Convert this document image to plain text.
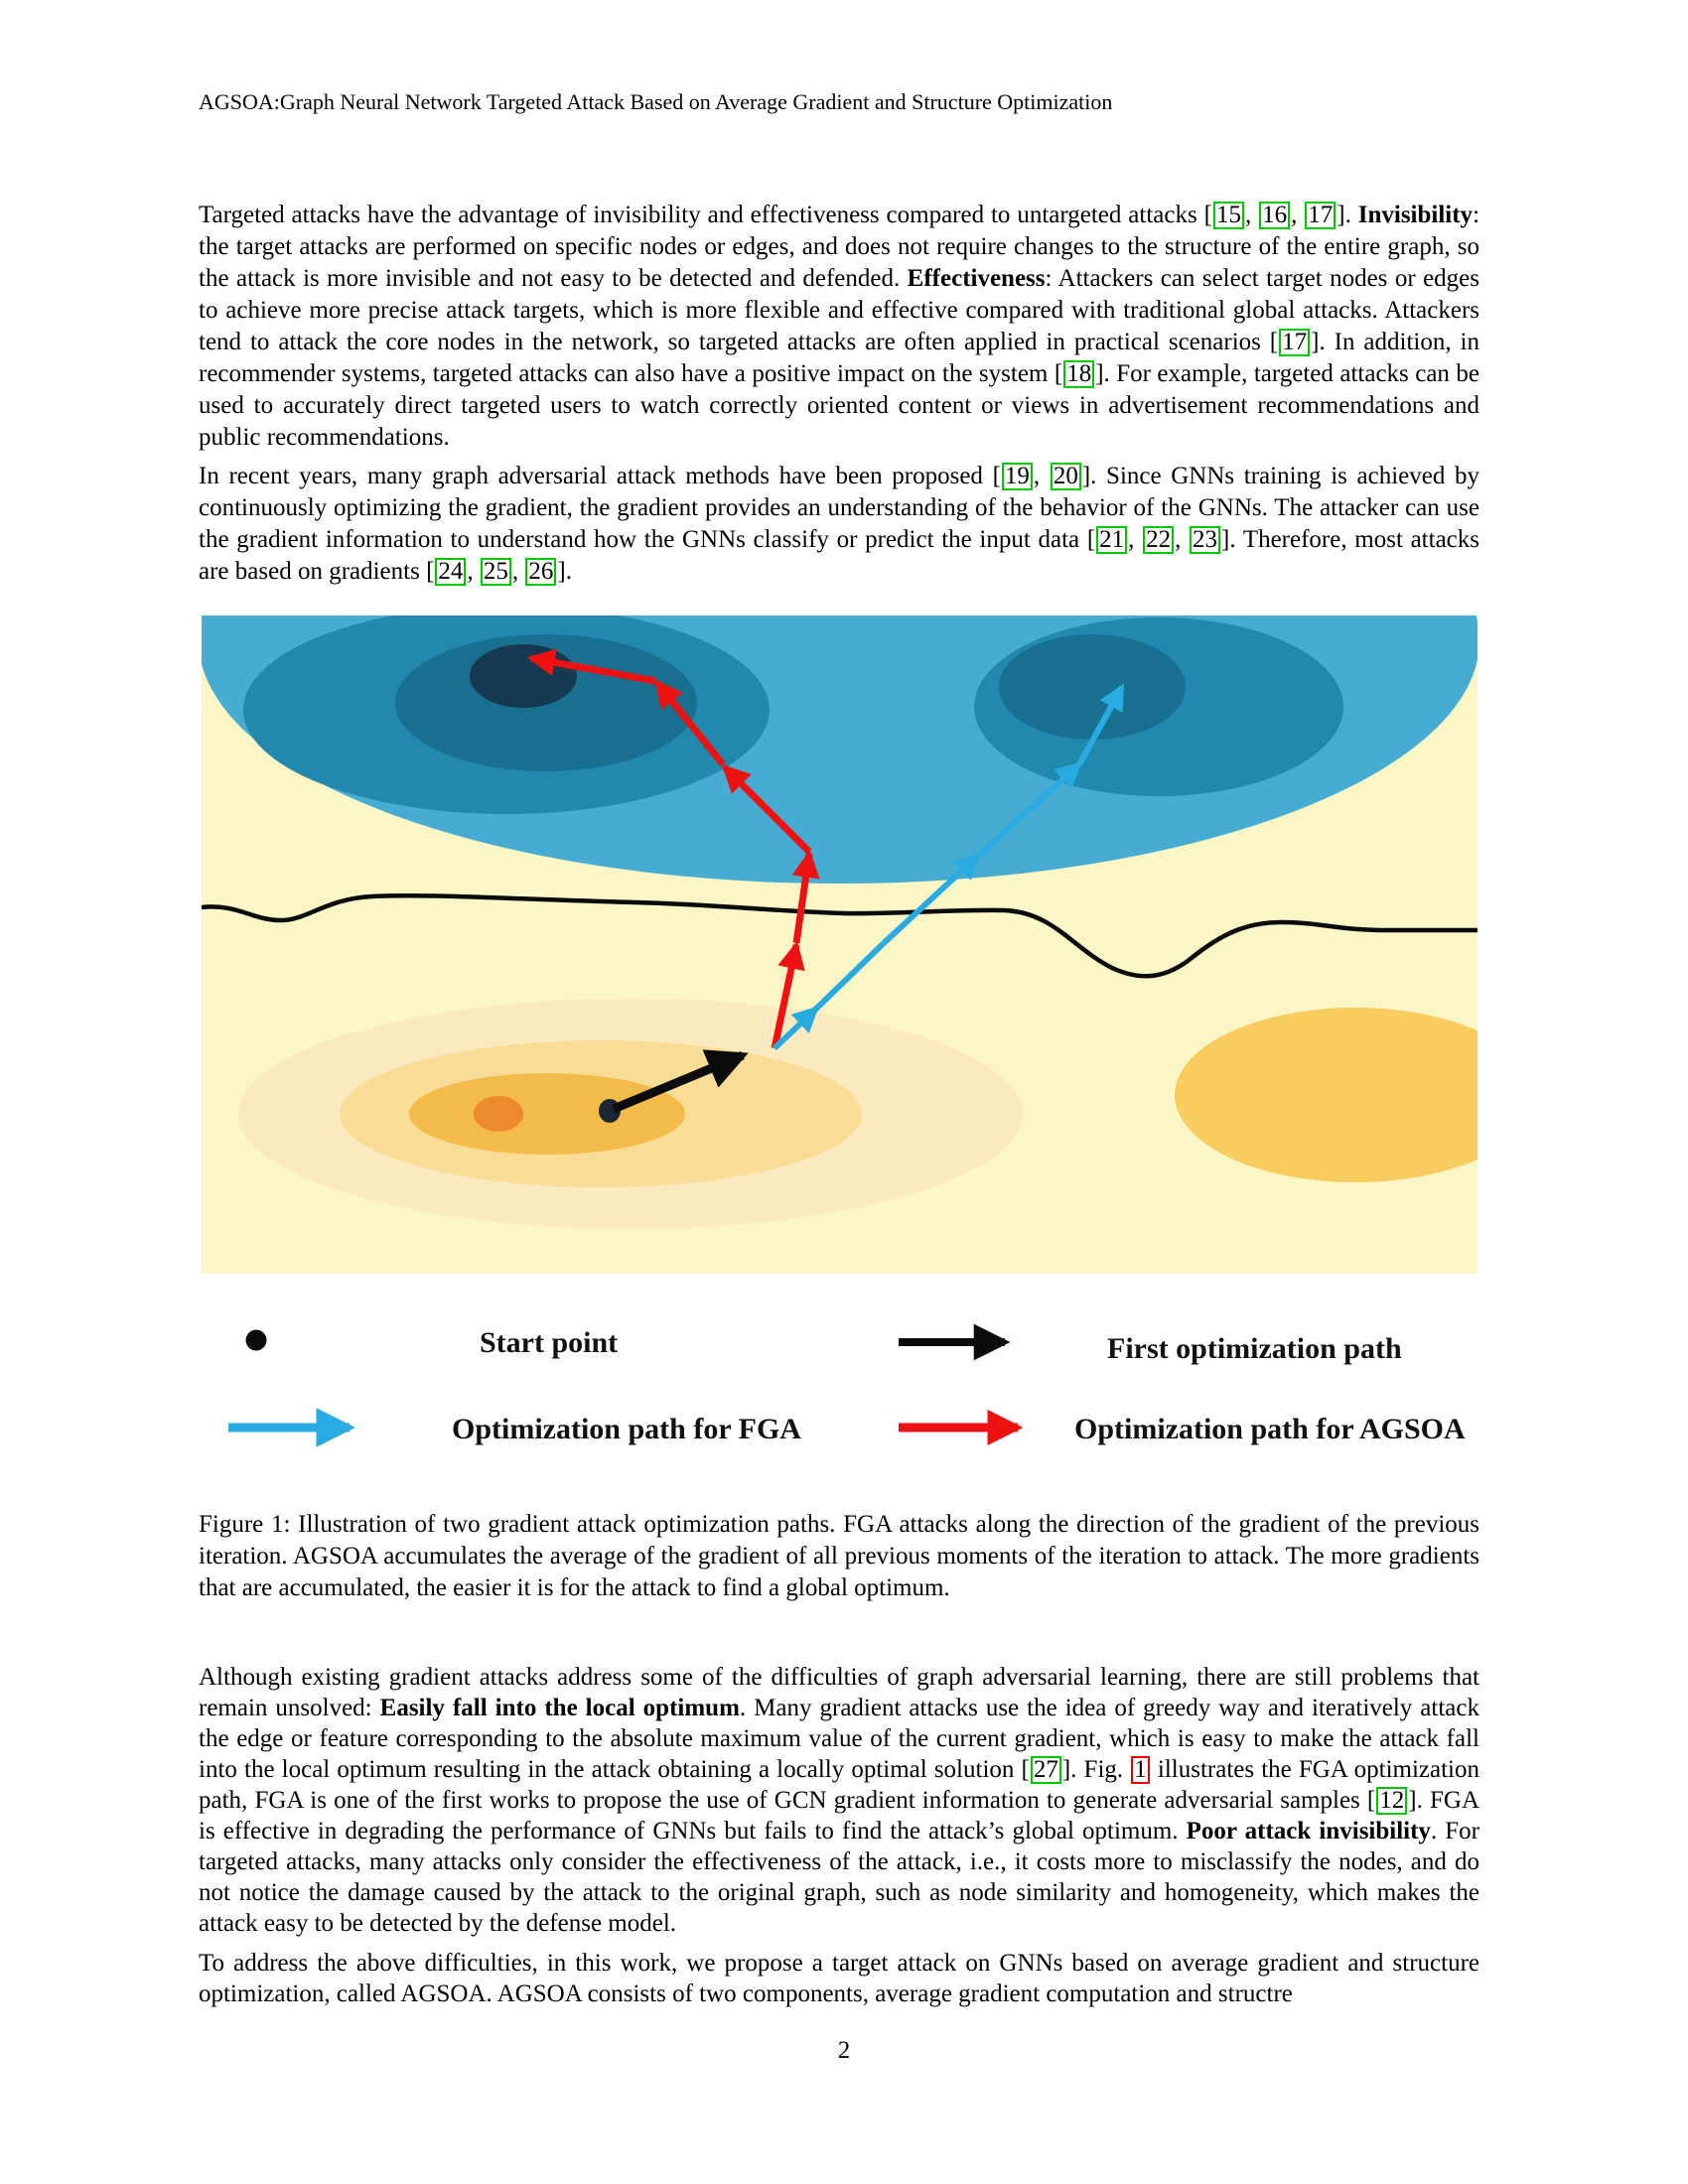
AGSOA:Graph Neural Network Targeted Attack Based on Average Gradient and Structure Optimization
Targeted attacks have the advantage of invisibility and effectiveness compared to untargeted attacks [ 15 , 16 , 17 ]. Invisibility: the target attacks are performed on specific nodes or edges, and does not require changes to the structure of the entire graph, so the attack is more invisible and not easy to be detected and defended. Effectiveness: Attackers can select target nodes or edges to achieve more precise attack targets, which is more flexible and effective compared with traditional global attacks. Attackers tend to attack the core nodes in the network, so targeted attacks are often applied in practical scenarios [ 17 ]. In addition, in recommender systems, targeted attacks can also have a positive impact on the system [ 18 ]. For example, targeted attacks can be used to accurately direct targeted users to watch correctly oriented content or views in advertisement recommendations and public recommendations.
In recent years, many graph adversarial attack methods have been proposed [ 19 , 20 ]. Since GNNs training is achieved by continuously optimizing the gradient, the gradient provides an understanding of the behavior of the GNNs. The attacker can use the gradient information to understand how the GNNs classify or predict the input data [ 21 , 22 , 23 ]. Therefore, most attacks are based on gradients [ 24 , 25 , 26 ].
Start point	First optimization path
Optimization path for FGA	Optimization path for AGSOA
Figure 1: Illustration of two gradient attack optimization paths. FGA attacks along the direction of the gradient of the previous iteration. AGSOA accumulates the average of the gradient of all previous moments of the iteration to attack. The more gradients that are accumulated, the easier it is for the attack to find a global optimum.
Although existing gradient attacks address some of the difficulties of graph adversarial learning, there are still problems that remain unsolved: Easily fall into the local optimum. Many gradient attacks use the idea of greedy way and iteratively attack the edge or feature corresponding to the absolute maximum value of the current gradient, which is easy to make the attack fall into the local optimum resulting in the attack obtaining a locally optimal solution [ 27 ]. Fig. 1 illustrates the FGA optimization path, FGA is one of the first works to propose the use of GCN gradient information to generate adversarial samples [ 12 ]. FGA is effective in degrading the performance of GNNs but fails to find the attack’s global optimum. Poor attack invisibility. For targeted attacks, many attacks only consider the effectiveness of the attack, i.e., it costs more to misclassify the nodes, and do not notice the damage caused by the attack to the original graph, such as node similarity and homogeneity, which makes the attack easy to be detected by the defense model.
To address the above difficulties, in this work, we propose a target attack on GNNs based on average gradient and structure optimization, called AGSOA. AGSOA consists of two components, average gradient computation and structre
2
